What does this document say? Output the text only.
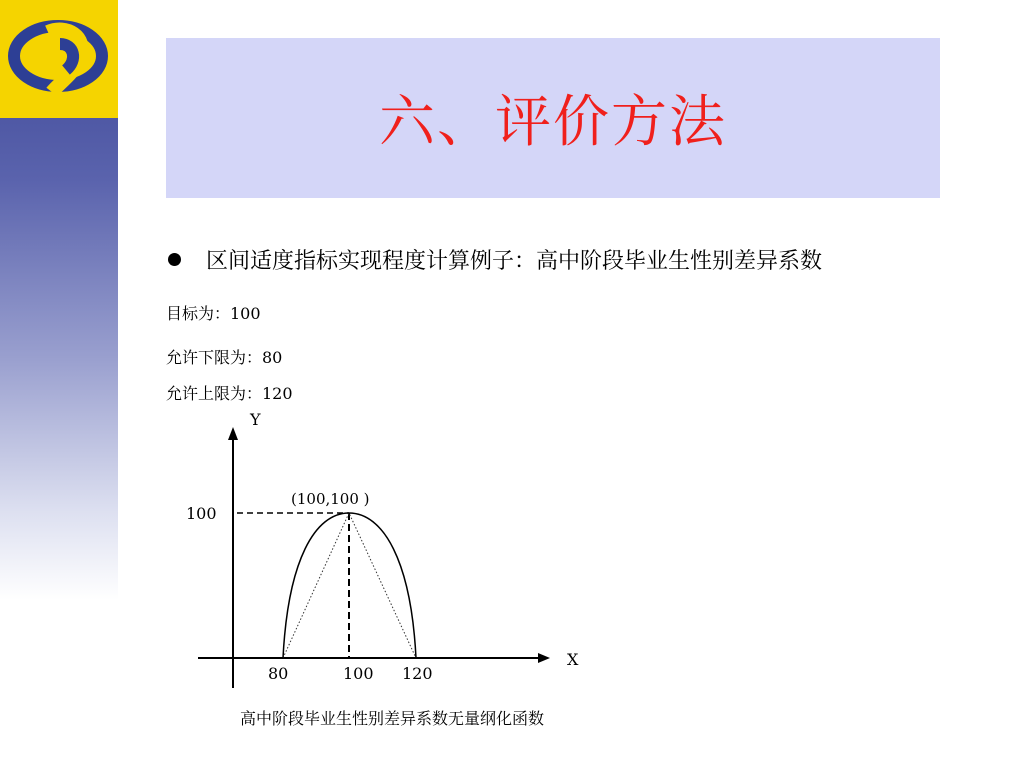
六、评价方法
区间适度指标实现程度计算例子：高中阶段毕业生性别差异系数
目标为：100
允许下限为：80
允许上限为：120
Y
X
100
80	100 120
(100,100 )
高中阶段毕业生性别差异系数无量纲化函数
